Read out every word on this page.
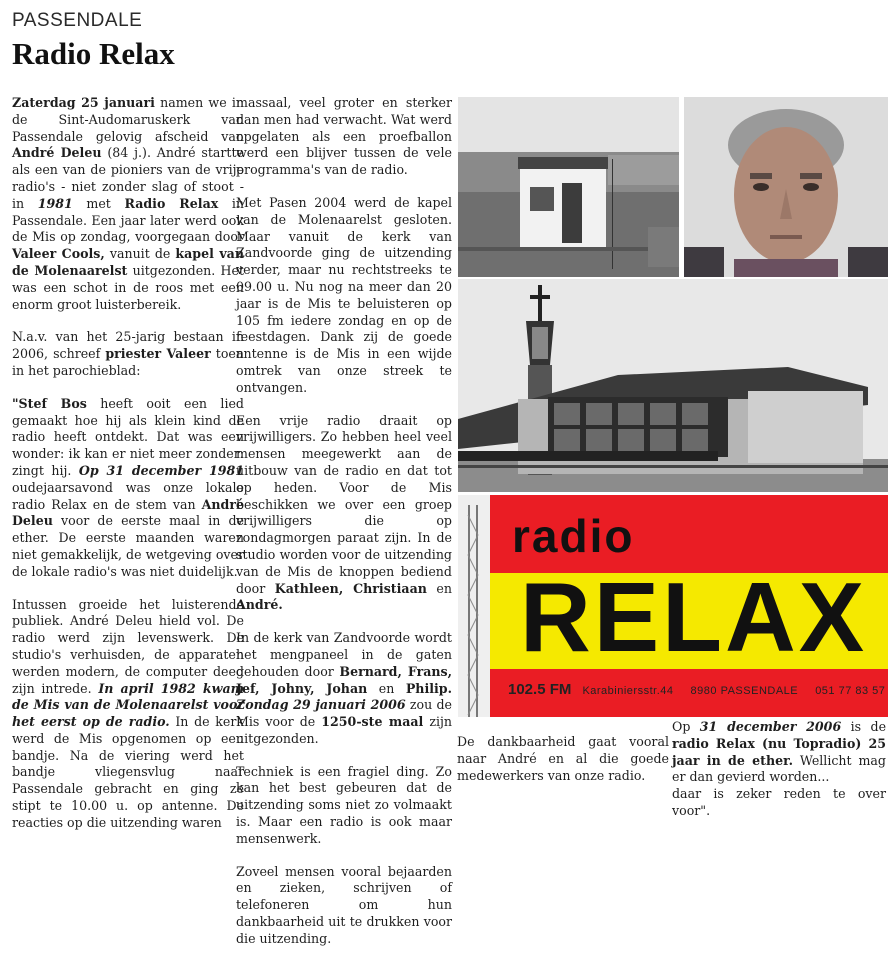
PASSENDALE
Radio Relax

Zaterdag 25 januari namen we in de Sint-Audomaruskerk van Passendale gelovig afscheid van André Deleu (84 j.). André startte als een van de pioniers van de vrije radio's - niet zonder slag of stoot - in 1981 met Radio Relax in Passendale. Een jaar later werd ook de Mis op zondag, voorgegaan door Valeer Cools, vanuit de kapel van de Molenaarelst uitgezonden. Het was een schot in de roos met een enorm groot luisterbereik.

N.a.v. van het 25-jarig bestaan in 2006, schreef priester Valeer toen in het parochieblad:

"Stef Bos heeft ooit een lied gemaakt hoe hij als klein kind de radio heeft ontdekt. Dat was een wonder: ik kan er niet meer zonder: zingt hij. Op 31 december 1981 oudejaarsavond was onze lokale radio Relax en de stem van André Deleu voor de eerste maal in de ether. De eerste maanden waren niet gemakkelijk, de wetgeving over de lokale radio's was niet duidelijk.

Intussen groeide het luisterende publiek. André Deleu hield vol. De radio werd zijn levenswerk. De studio's verhuisden, de apparaten werden modern, de computer deed zijn intrede. In april 1982 kwam de Mis van de Molenaarelst voor het eerst op de radio. In de kerk werd de Mis opgenomen op een bandje. Na de viering werd het bandje vliegensvlug naar Passendale gebracht en ging ze stipt te 10.00 u. op antenne. De reacties op die uitzending waren

massaal, veel groter en sterker dan men had verwacht. Wat werd opgelaten als een proefballon werd een blijver tussen de vele programma's van de radio.

Met Pasen 2004 werd de kapel van de Molenaarelst gesloten. Maar vanuit de kerk van Zandvoorde ging de uitzending verder, maar nu rechtstreeks te 09.00 u. Nu nog na meer dan 20 jaar is de Mis te beluisteren op 105 fm iedere zondag en op de feestdagen. Dank zij de goede antenne is de Mis in een wijde omtrek van onze streek te ontvangen.

Een vrije radio draait op vrijwilligers. Zo hebben heel veel mensen meegewerkt aan de uitbouw van de radio en dat tot op heden. Voor de Mis beschikken we over een groep vrijwilligers die op zondagmorgen paraat zijn. In de studio worden voor de uitzending van de Mis de knoppen bediend door Kathleen, Christiaan en André.

In de kerk van Zandvoorde wordt het mengpaneel in de gaten gehouden door Bernard, Frans, Jef, Johny, Johan en Philip. Zondag 29 januari 2006 zou de Mis voor de 1250-ste maal zijn uitgezonden.

Techniek is een fragiel ding. Zo kan het best gebeuren dat de uitzending soms niet zo volmaakt is. Maar een radio is ook maar mensenwerk.

Zoveel mensen vooral bejaarden en zieken, schrijven of telefoneren om hun dankbaarheid uit te drukken voor die uitzending.

radio
RELAX
102.5 FM Karabiniersstr.44 8980 PASSENDALE 051 77 83 57

De dankbaarheid gaat vooral naar André en al die goede medewerkers van onze radio.

Op 31 december 2006 is de radio Relax (nu Topradio) 25 jaar in de ether. Wellicht mag er dan gevierd worden...
daar is zeker reden te over voor".
